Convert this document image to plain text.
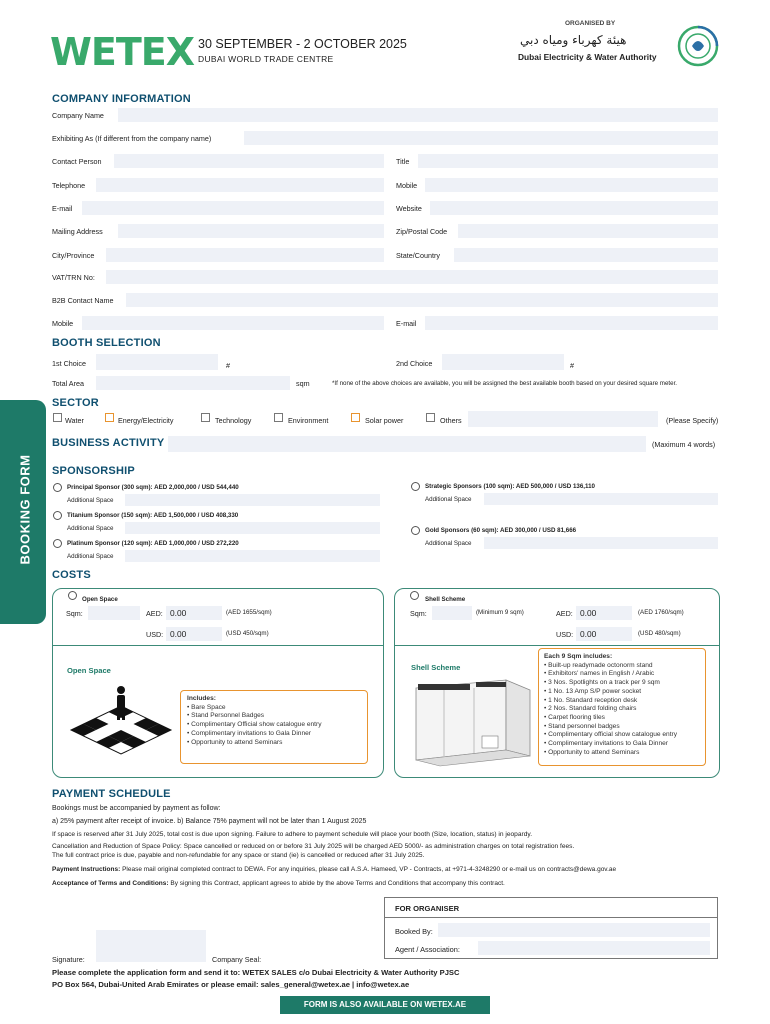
WETEX 30 SEPTEMBER - 2 OCTOBER 2025
DUBAI WORLD TRADE CENTRE
ORGANISED BY
هيئة كهرباء ومياه دبي
Dubai Electricity & Water Authority
BOOKING FORM
COMPANY INFORMATION
Company Name
Exhibiting As (If different from the company name)
Contact Person	Title
Telephone	Mobile
E-mail	Website
Mailing Address	Zip/Postal Code
City/Province	State/Country
VAT/TRN No:
B2B Contact Name
Mobile	E-mail
BOOTH SELECTION
1st Choice	#	2nd Choice	#
Total Area	sqm	*If none of the above choices are available, you will be assigned the best available booth based on your desired square meter.
SECTOR
Water	Energy/Electricity	Technology	Environment	Solar power	Others	(Please Specify)
BUSINESS ACTIVITY	(Maximum 4 words)
SPONSORSHIP
Principal Sponsor (300 sqm): AED 2,000,000 / USD 544,440
Additional Space
Titanium Sponsor (150 sqm): AED 1,500,000 / USD 408,330
Additional Space
Platinum Sponsor (120 sqm): AED 1,000,000 / USD 272,220
Additional Space
Strategic Sponsors (100 sqm): AED 500,000 / USD 136,110
Additional Space
Gold Sponsors (60 sqm): AED 300,000 / USD 81,666
Additional Space
COSTS
Open Space
Sqm:	AED: 0.00	(AED 1655/sqm)
USD: 0.00	(USD 450/sqm)
Open Space
Includes:
• Bare Space
• Stand Personnel Badges
• Complimentary Official show catalogue entry
• Complimentary invitations to Gala Dinner
• Opportunity to attend Seminars
Shell Scheme
Sqm:	(Minimum 9 sqm)	AED: 0.00	(AED 1760/sqm)
USD: 0.00	(USD 480/sqm)
Shell Scheme
Each 9 Sqm includes:
• Built-up readymade octonorm stand
• Exhibitors' names in English / Arabic
• 3 Nos. Spotlights on a track per 9 sqm
• 1 No. 13 Amp S/P power socket
• 1 No. Standard reception desk
• 2 Nos. Standard folding chairs
• Carpet flooring tiles
• Stand personnel badges
• Complimentary official show catalogue entry
• Complimentary invitations to Gala Dinner
• Opportunity to attend Seminars
PAYMENT SCHEDULE
Bookings must be accompanied by payment as follow:
a) 25% payment after receipt of invoice. b) Balance 75% payment will not be later than 1 August 2025
If space is reserved after 31 July 2025, total cost is due upon signing. Failure to adhere to payment schedule will place your booth (Size, location, status) in jeopardy.
Cancellation and Reduction of Space Policy: Space cancelled or reduced on or before 31 July 2025 will be charged AED 5000/- as administration charges on total registration fees.
The full contract price is due, payable and non-refundable for any space or stand (ie) is cancelled or reduced after 31 July 2025.
Payment Instructions: Please mail original completed contract to DEWA. For any inquiries, please call A.S.A. Hameed, VP - Contracts, at +971-4-3248290 or e-mail us on contracts@dewa.gov.ae
Acceptance of Terms and Conditions: By signing this Contract, applicant agrees to abide by the above Terms and Conditions that accompany this contract.
FOR ORGANISER
Booked By:
Agent / Association:
Signature:	Company Seal:
Please complete the application form and send it to: WETEX SALES c/o Dubai Electricity & Water Authority PJSC
PO Box 564, Dubai-United Arab Emirates or please email: sales_general@wetex.ae | info@wetex.ae
FORM IS ALSO AVAILABLE ON WETEX.AE
